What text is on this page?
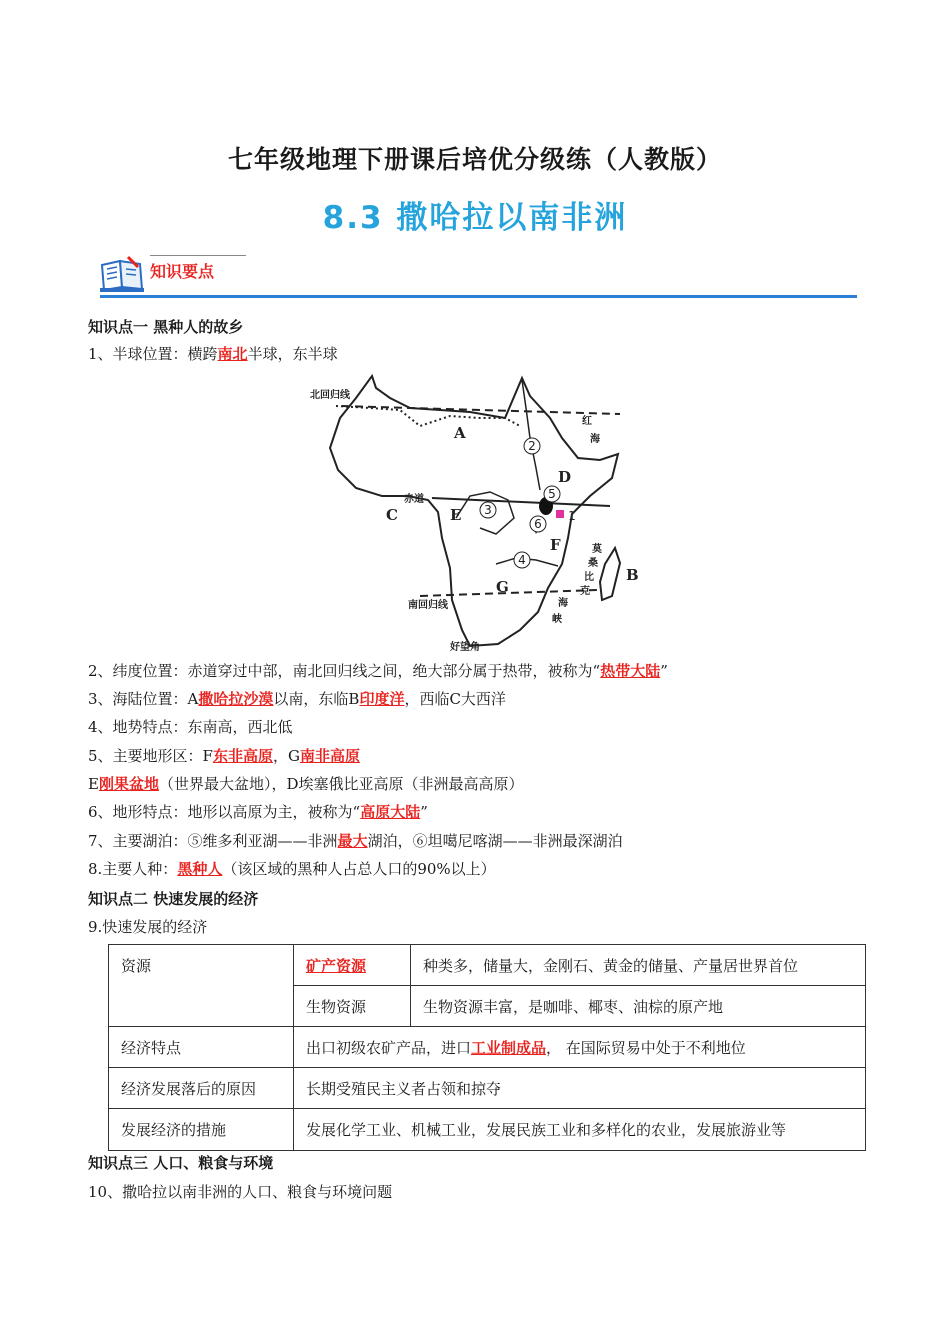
七年级地理下册课后培优分级练（人教版）
8.3 撒哈拉以南非洲
知识要点
知识点一 黑种人的故乡
1、半球位置：横跨南北半球，东半球
2
5
3
6
4
1
A
B
C
D
E
F
G
北回归线
赤道
南回归线
好望角
红
海
莫
桑
比
克
海
峡
2、纬度位置：赤道穿过中部，南北回归线之间，绝大部分属于热带，被称为“热带大陆”
3、海陆位置：A撒哈拉沙漠以南，东临B印度洋，西临C大西洋
4、地势特点：东南高，西北低
5、主要地形区：F东非高原，G南非高原
E刚果盆地（世界最大盆地），D埃塞俄比亚高原（非洲最高高原）
6、地形特点：地形以高原为主，被称为“高原大陆”
7、主要湖泊：⑤维多利亚湖——非洲最大湖泊，⑥坦噶尼喀湖——非洲最深湖泊
8.主要人种：黑种人（该区域的黑种人占总人口的90%以上）
知识点二 快速发展的经济
9.快速发展的经济
资源	矿产资源	种类多，储量大，金刚石、黄金的储量、产量居世界首位
	生物资源	生物资源丰富，是咖啡、椰枣、油棕的原产地
经济特点	出口初级农矿产品，进口工业制成品， 在国际贸易中处于不利地位	
经济发展落后的原因	长期受殖民主义者占领和掠夺	
发展经济的措施	发展化学工业、机械工业，发展民族工业和多样化的农业，发展旅游业等	
知识点三 人口、粮食与环境
10、撒哈拉以南非洲的人口、粮食与环境问题
